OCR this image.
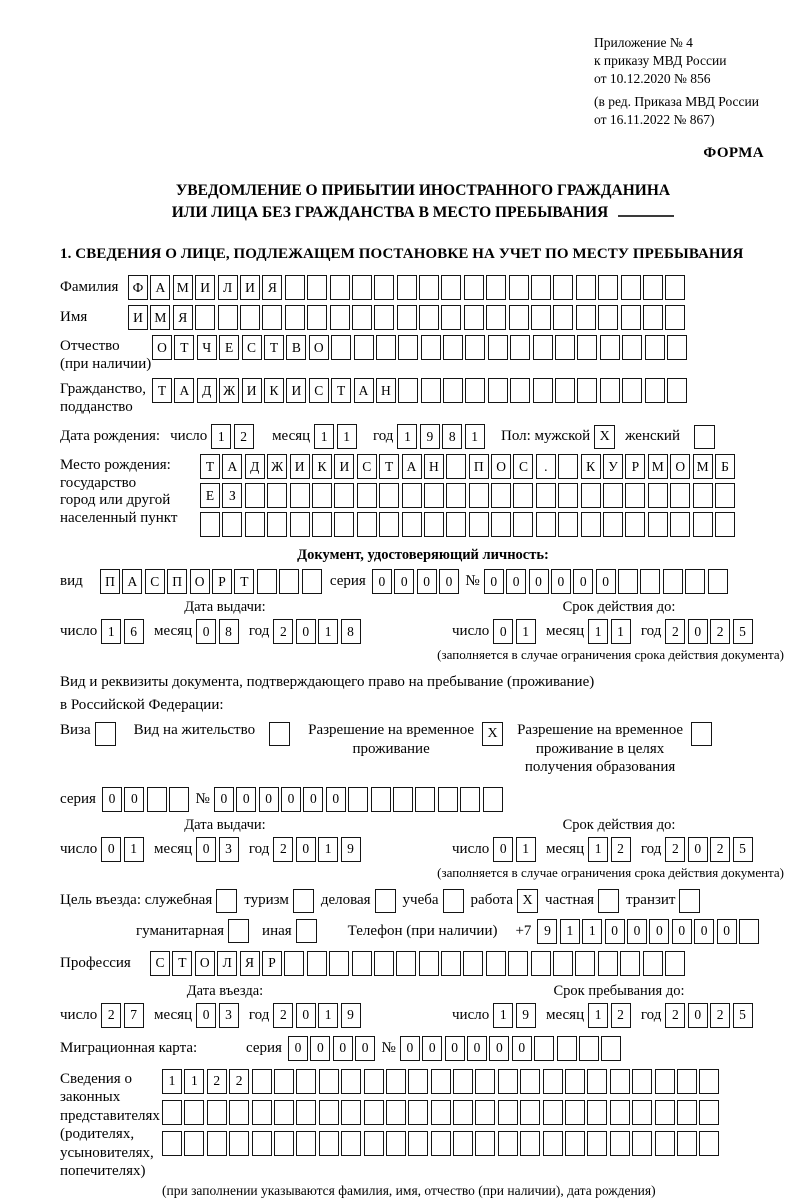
Приложение № 4
к приказу МВД России
от 10.12.2020 № 856
(в ред. Приказа МВД России
от 16.11.2022 № 867)
ФОРМА
УВЕДОМЛЕНИЕ О ПРИБЫТИИ ИНОСТРАННОГО ГРАЖДАНИНА
ИЛИ ЛИЦА БЕЗ ГРАЖДАНСТВА В МЕСТО ПРЕБЫВАНИЯ
1. СВЕДЕНИЯ О ЛИЦЕ, ПОДЛЕЖАЩЕМ ПОСТАНОВКЕ НА УЧЕТ ПО МЕСТУ ПРЕБЫВАНИЯ
Фамилия	Ф А М И Л И Я
Имя	И М Я
Отчество
(при наличии)
О Т	Ч	Е	С	Т	В О
Гражданство,
подданство
Т А Д Ж И К И С	Т А Н
Дата рождения: число 1	2	месяц 1	1	год 1	9	8	1	Пол: мужской X	женский
Место рождения:
государство
город или другой
населенный пункт
Т А Д Ж И К И С	Т А Н	П О С	.	К У	Р М О М Б
Е	З
Документ, удостоверяющий личность:
вид	П А С П О	Р	Т	серия 0	0	0	0 № 0	0	0	0	0	0
Дата выдачи:
число 1	6	месяц 0	8	год 2	0	1	8
Срок действия до:
число 0	1	месяц 1	1	год 2	0	2	5
(заполняется в случае ограничения срока действия документа)
Вид и реквизиты документа, подтверждающего право на пребывание (проживание)
в Российской Федерации:
Виза	Вид на жительство	Разрешение на временное
проживание
X	Разрешение на временное
проживание в целях
получения образования
серия 0	0	№ 0	0	0	0	0	0
Дата выдачи:
число 0	1	месяц 0	3	год 2	0	1	9
Срок действия до:
число 0	1	месяц 1	2	год 2	0	2	5
(заполняется в случае ограничения срока действия документа)
Цель въезда: служебная туризм деловая учеба работа X частная транзит
гуманитарная	иная	Телефон (при наличии) +7 9	1	1	0	0	0	0	0	0
Профессия	С	Т О Л Я	Р
Дата въезда:
число 2	7	месяц 0	3	год 2	0	1	9
Срок пребывания до:
число 1	9	месяц 1	2	год 2	0	2	5
Миграционная карта:	серия 0	0	0	0 № 0	0	0	0	0	0
Сведения о
законных
представителях
(родителях,
усыновителях,
попечителях)
1	1	2	2
(при заполнении указываются фамилия, имя, отчество (при наличии), дата рождения)
